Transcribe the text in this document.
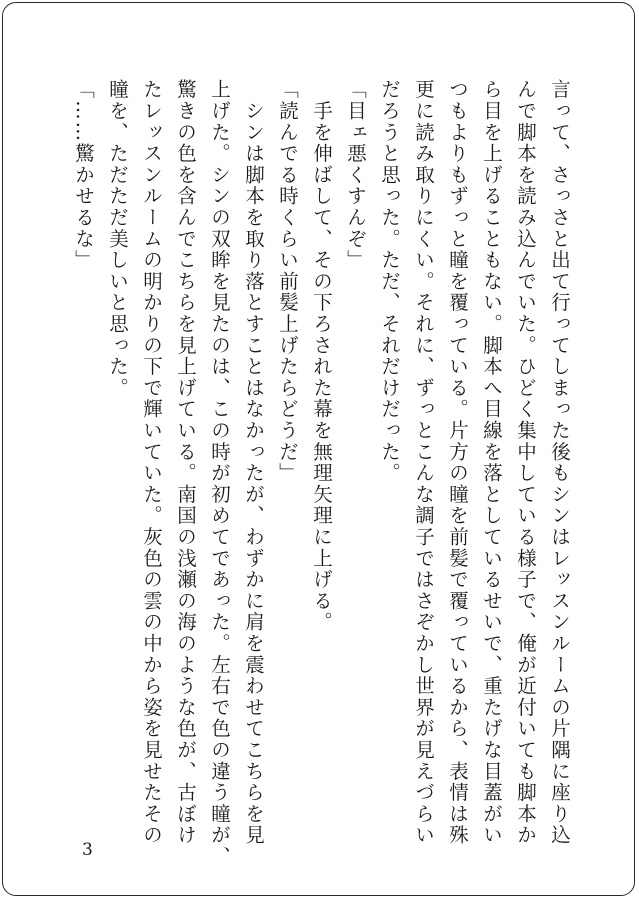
言って、さっさと出て行ってしまった後もシンはレッスンルームの片隅に座り込
んで脚本を読み込んでいた。ひどく集中している様子で、俺が近付いても脚本か
ら目を上げることもない。脚本へ目線を落としているせいで、重たげな目蓋がい
つもよりもずっと瞳を覆っている。片方の瞳を前髪で覆っているから、表情は殊
更に読み取りにくい。それに、ずっとこんな調子ではさぞかし世界が見えづらい
だろうと思った。ただ、それだけだった。
「目ェ悪くすんぞ」
　手を伸ばして、その下ろされた幕を無理矢理に上げる。
「読んでる時くらい前髪上げたらどうだ」
　シンは脚本を取り落とすことはなかったが、わずかに肩を震わせてこちらを見
上げた。シンの双眸を見たのは、この時が初めてであった。左右で色の違う瞳が、
驚きの色を含んでこちらを見上げている。南国の浅瀬の海のような色が、古ぼけ
たレッスンルームの明かりの下で輝いていた。灰色の雲の中から姿を見せたその
瞳を、ただただ美しいと思った。
「……驚かせるな」
3
